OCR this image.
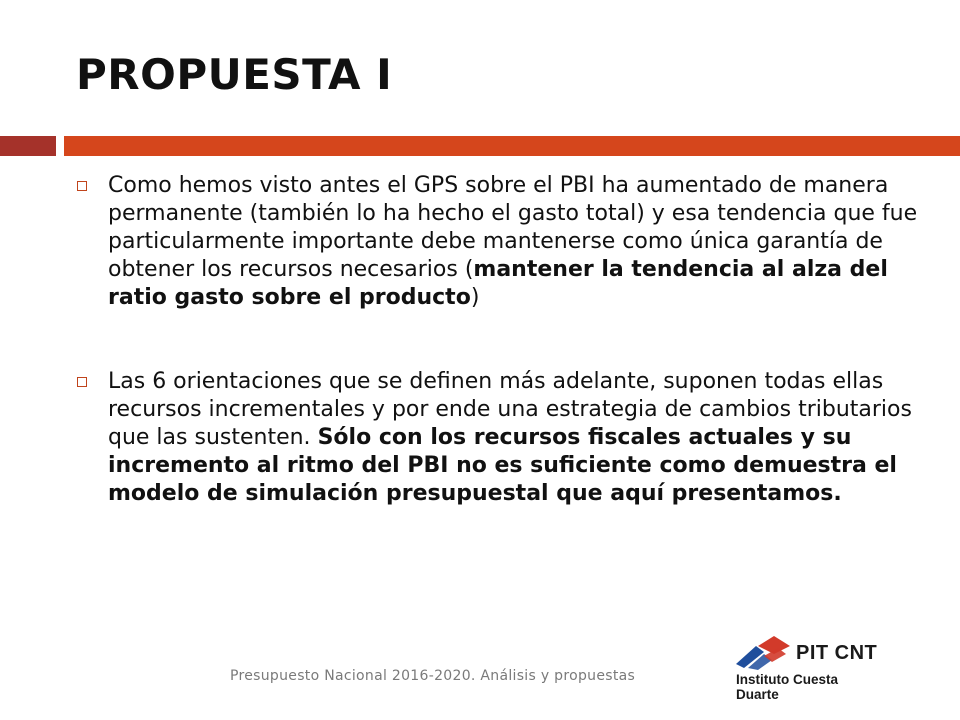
PROPUESTA I
Como hemos visto antes el GPS sobre el PBI ha aumentado de manera permanente (también lo ha hecho el gasto total) y esa tendencia que fue particularmente importante debe mantenerse como única garantía de obtener los recursos necesarios (mantener la tendencia al alza del ratio gasto sobre el producto)
Las 6 orientaciones que se definen más adelante, suponen todas ellas recursos incrementales y por ende una estrategia de cambios tributarios que las sustenten. Sólo con los recursos fiscales actuales y su incremento al ritmo del PBI no es suficiente como demuestra el modelo de simulación presupuestal que aquí presentamos.
Presupuesto Nacional 2016-2020. Análisis y propuestas
PIT CNT
Instituto Cuesta Duarte
